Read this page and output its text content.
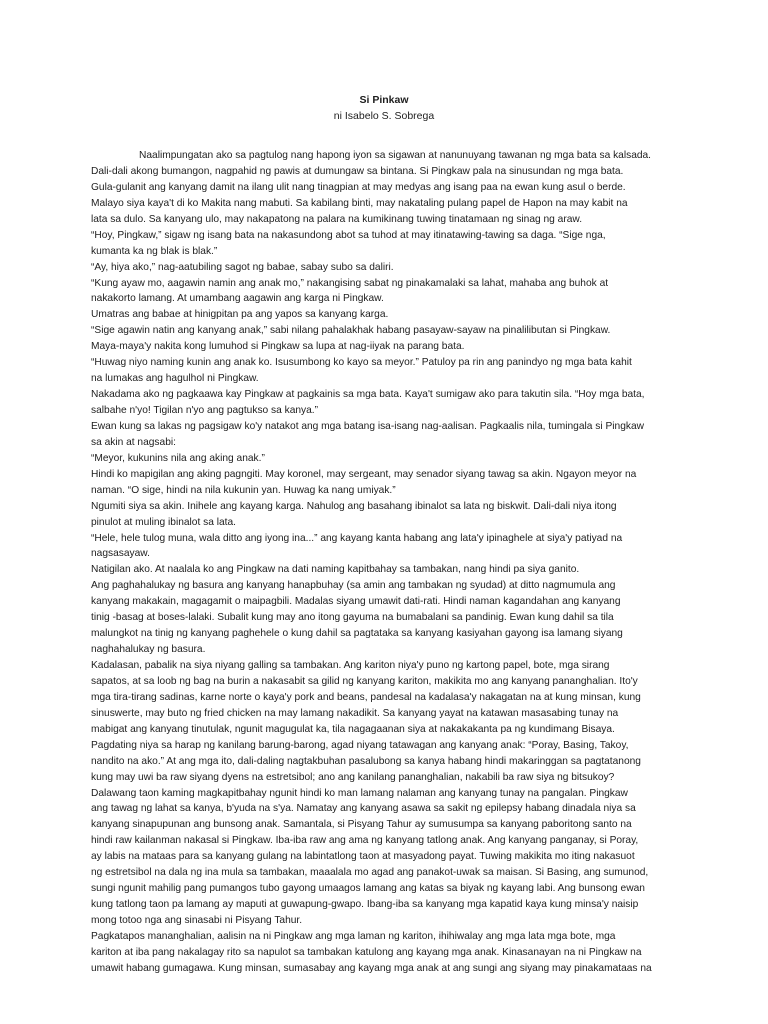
Si Pinkaw

ni Isabelo S. Sobrega

Naalimpungatan ako sa pagtulog nang hapong iyon sa sigawan at nanunuyang tawanan ng mga bata sa kalsada.
Dali-dali akong bumangon, nagpahid ng pawis at dumungaw sa bintana. Si Pingkaw pala na sinusundan ng mga bata.
Gula-gulanit ang kanyang damit na ilang ulit nang tinagpian at may medyas ang isang paa na ewan kung asul o berde.
Malayo siya kaya't di ko Makita nang mabuti. Sa kabilang binti, may nakataling pulang papel de Hapon na may kabit na
lata sa dulo. Sa kanyang ulo, may nakapatong na palara na kumikinang tuwing tinatamaan ng sinag ng araw.
“Hoy, Pingkaw,” sigaw ng isang bata na nakasundong abot sa tuhod at may itinatawing-tawing sa daga. “Sige nga,
kumanta ka ng blak is blak.”
“Ay, hiya ako,” nag-aatubiling sagot ng babae, sabay subo sa daliri.
“Kung ayaw mo, aagawin namin ang anak mo,” nakangising sabat ng pinakamalaki sa lahat, mahaba ang buhok at
nakakorto lamang. At umambang aagawin ang karga ni Pingkaw.
Umatras ang babae at hinigpitan pa ang yapos sa kanyang karga.
“Sige agawin natin ang kanyang anak,” sabi nilang pahalakhak habang pasayaw-sayaw na pinalilibutan si Pingkaw.
Maya-maya'y nakita kong lumuhod si Pingkaw sa lupa at nag-iiyak na parang bata.
“Huwag niyo naming kunin ang anak ko. Isusumbong ko kayo sa meyor.” Patuloy pa rin ang panindyo ng mga bata kahit
na lumakas ang hagulhol ni Pingkaw.
Nakadama ako ng pagkaawa kay Pingkaw at pagkainis sa mga bata. Kaya't sumigaw ako para takutin sila. “Hoy mga bata,
salbahe n'yo! Tigilan n'yo ang pagtukso sa kanya.”
Ewan kung sa lakas ng pagsigaw ko'y natakot ang mga batang isa-isang nag-aalisan. Pagkaalis nila, tumingala si Pingkaw
sa akin at nagsabi:
“Meyor, kukunins nila ang aking anak.”
Hindi ko mapigilan ang aking pagngiti. May koronel, may sergeant, may senador siyang tawag sa akin. Ngayon meyor na
naman. “O sige, hindi na nila kukunin yan. Huwag ka nang umiyak.”
Ngumiti siya sa akin. Inihele ang kayang karga. Nahulog ang basahang ibinalot sa lata ng biskwit. Dali-dali niya itong
pinulot at muling ibinalot sa lata.
“Hele, hele tulog muna, wala ditto ang iyong ina...” ang kayang kanta habang ang lata'y ipinaghele at siya'y patiyad na
nagsasayaw.
Natigilan ako. At naalala ko ang Pingkaw na dati naming kapitbahay sa tambakan, nang hindi pa siya ganito.
Ang paghahalukay ng basura ang kanyang hanapbuhay (sa amin ang tambakan ng syudad) at ditto nagmumula ang
kanyang makakain, magagamit o maipagbili. Madalas siyang umawit dati-rati. Hindi naman kagandahan ang kanyang
tinig -basag at boses-lalaki. Subalit kung may ano itong gayuma na bumabalani sa pandinig. Ewan kung dahil sa tila
malungkot na tinig ng kanyang paghehele o kung dahil sa pagtataka sa kanyang kasiyahan gayong isa lamang siyang
naghahalukay ng basura.
Kadalasan, pabalik na siya niyang galling sa tambakan. Ang kariton niya'y puno ng kartong papel, bote, mga sirang
sapatos, at sa loob ng bag na burin a nakasabit sa gilid ng kanyang kariton, makikita mo ang kanyang pananghalian. Ito'y
mga tira-tirang sadinas, karne norte o kaya'y pork and beans, pandesal na kadalasa'y nakagatan na at kung minsan, kung
sinuswerte, may buto ng fried chicken na may lamang nakadikit. Sa kanyang yayat na katawan masasabing tunay na
mabigat ang kanyang tinutulak, ngunit magugulat ka, tila nagagaanan siya at nakakakanta pa ng kundimang Bisaya.
Pagdating niya sa harap ng kanilang barung-barong, agad niyang tatawagan ang kanyang anak: “Poray, Basing, Takoy,
nandito na ako.” At ang mga ito, dali-daling nagtakbuhan pasalubong sa kanya habang hindi makaringgan sa pagtatanong
kung may uwi ba raw siyang dyens na estretsibol; ano ang kanilang pananghalian, nakabili ba raw siya ng bitsukoy?
Dalawang taon kaming magkapitbahay ngunit hindi ko man lamang nalaman ang kanyang tunay na pangalan. Pingkaw
ang tawag ng lahat sa kanya, b'yuda na s'ya. Namatay ang kanyang asawa sa sakit ng epilepsy habang dinadala niya sa
kanyang sinapupunan ang bunsong anak. Samantala, si Pisyang Tahur ay sumusumpa sa kanyang paboritong santo na
hindi raw kailanman nakasal si Pingkaw. Iba-iba raw ang ama ng kanyang tatlong anak. Ang kanyang panganay, si Poray,
ay labis na mataas para sa kanyang gulang na labintatlong taon at masyadong payat. Tuwing makikita mo iting nakasuot
ng estretsibol na dala ng ina mula sa tambakan, maaalala mo agad ang panakot-uwak sa maisan. Si Basing, ang sumunod,
sungi ngunit mahilig pang pumangos tubo gayong umaagos lamang ang katas sa biyak ng kayang labi. Ang bunsong ewan
kung tatlong taon pa lamang ay maputi at guwapung-gwapo. Ibang-iba sa kanyang mga kapatid kaya kung minsa'y naisip
mong totoo nga ang sinasabi ni Pisyang Tahur.
Pagkatapos mananghalian, aalisin na ni Pingkaw ang mga laman ng kariton, ihihiwalay ang mga lata mga bote, mga
kariton at iba pang nakalagay rito sa napulot sa tambakan katulong ang kayang mga anak. Kinasanayan na ni Pingkaw na
umawit habang gumagawa. Kung minsan, sumasabay ang kayang mga anak at ang sungi ang siyang may pinakamataas na
